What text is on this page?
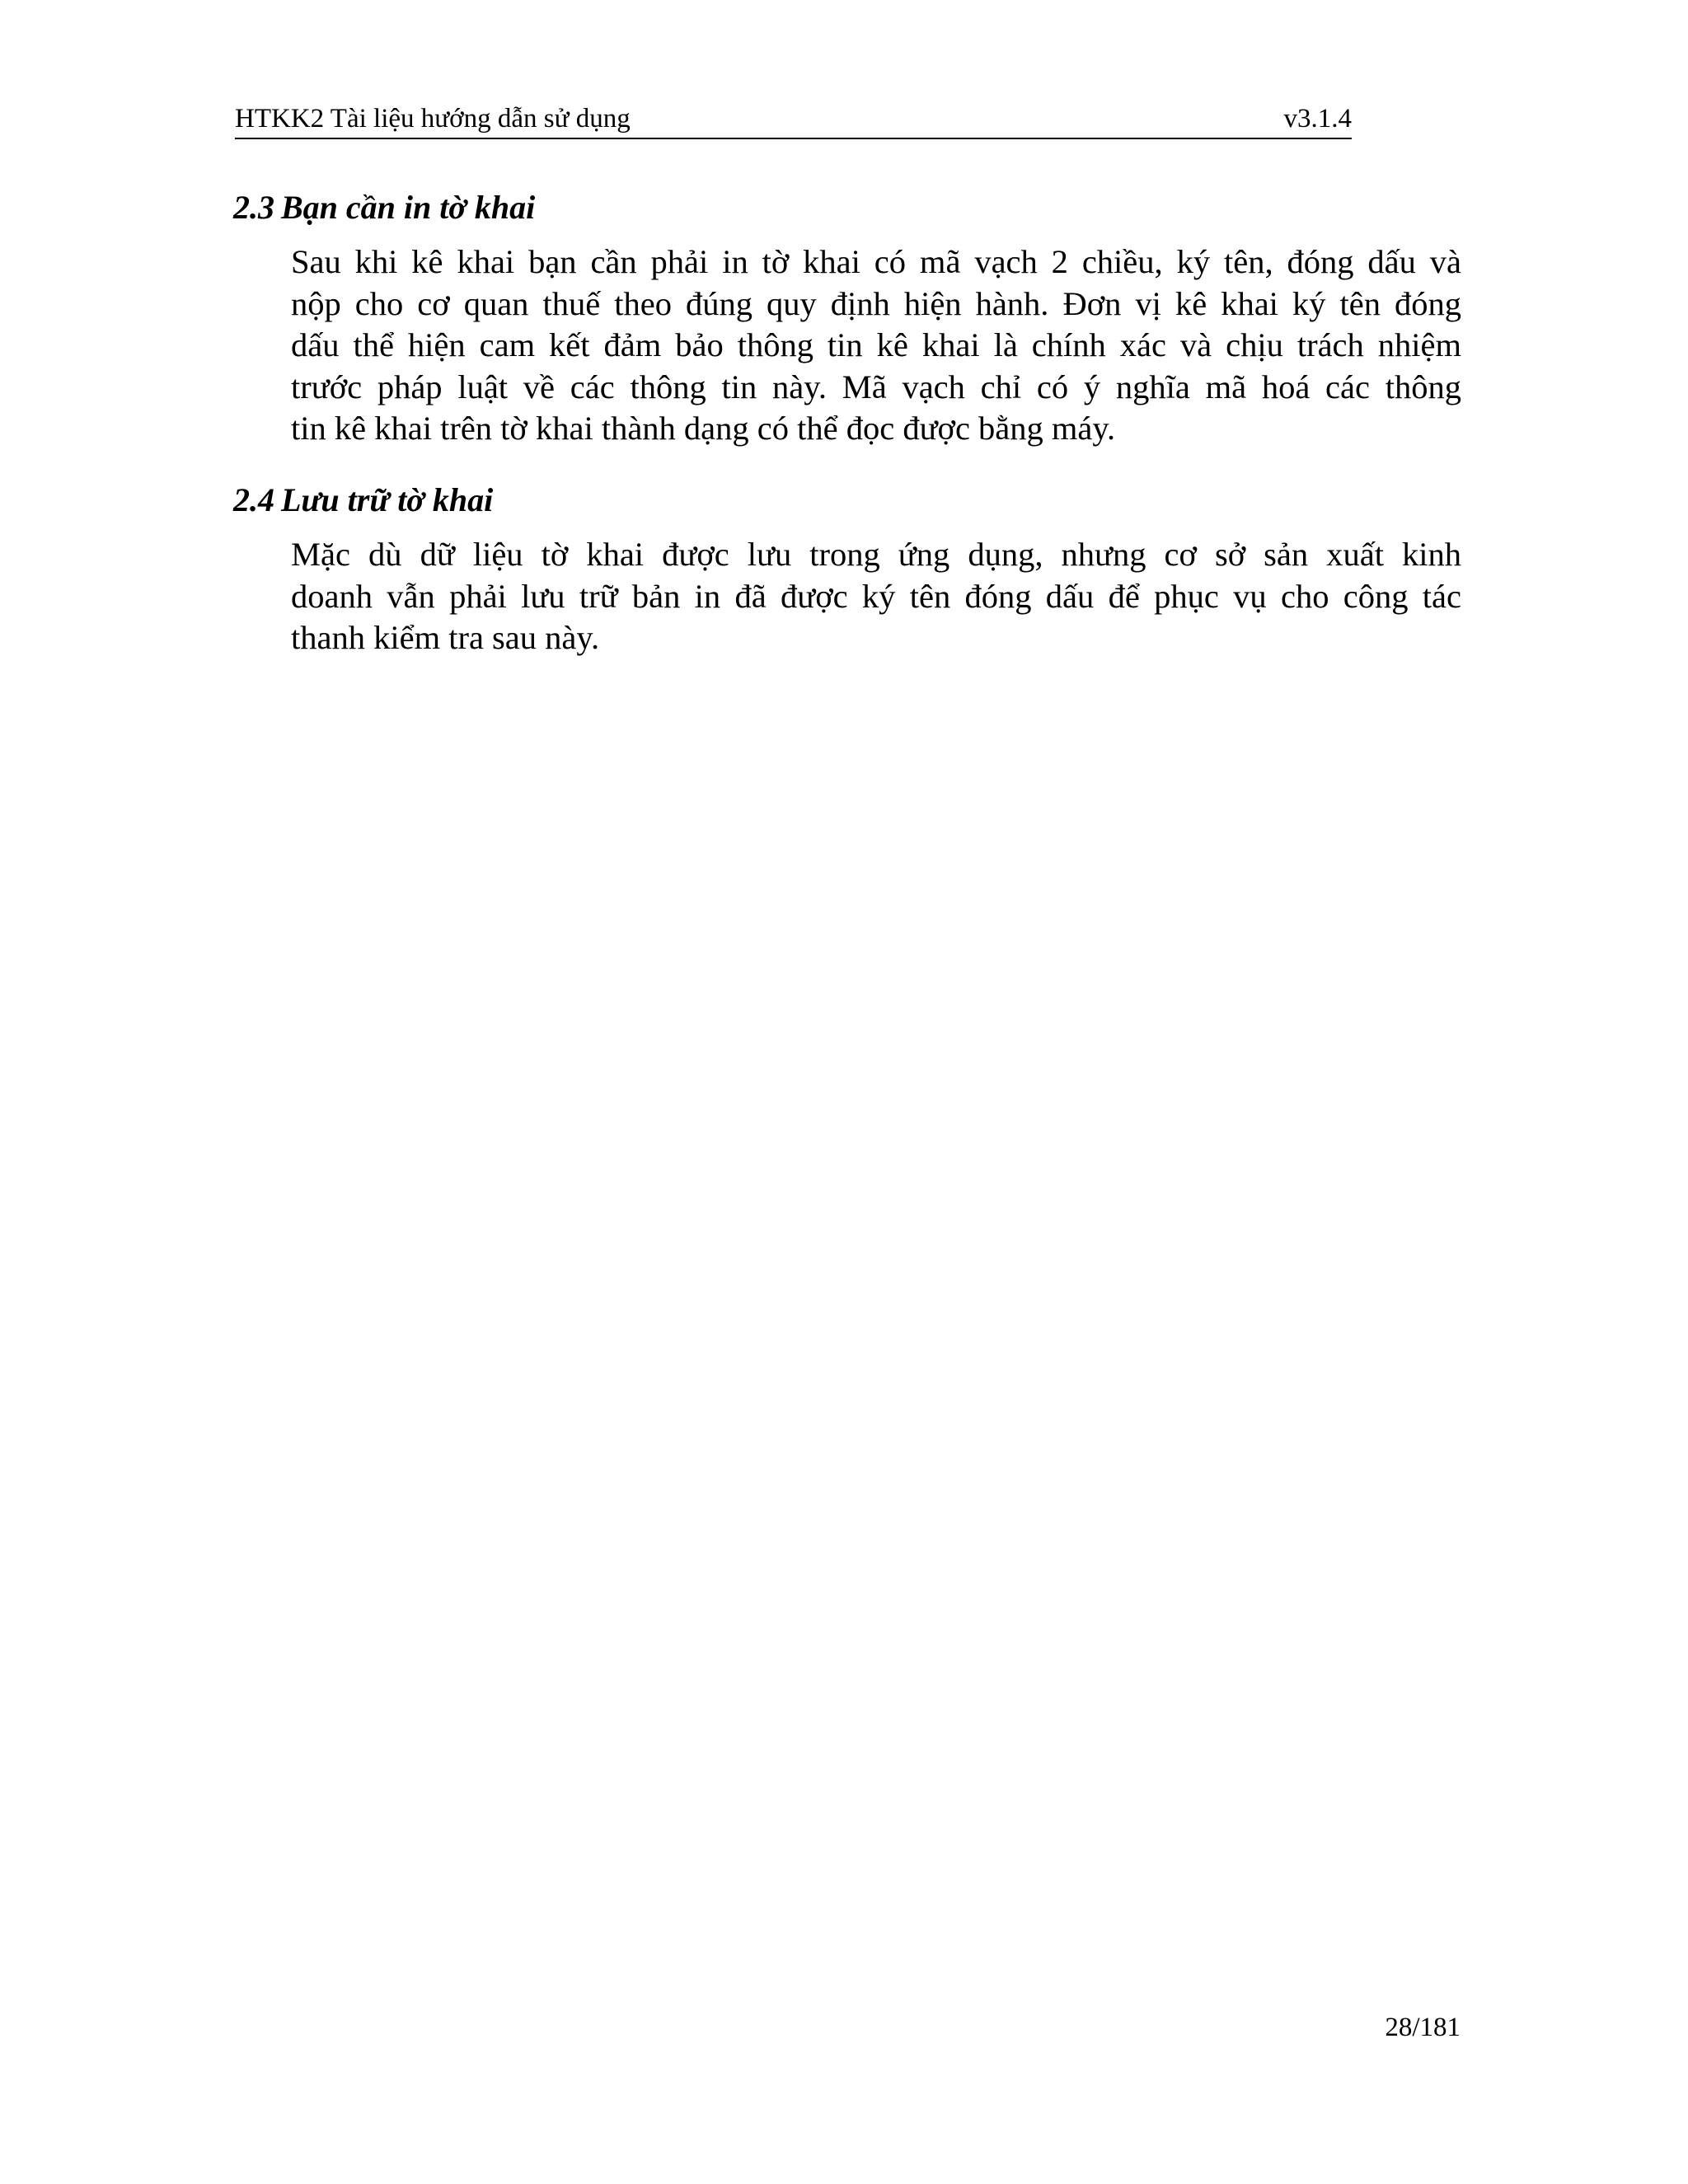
HTKK2 Tài liệu hướng dẫn sử dụng	v3.1.4
2.3 Bạn cần in tờ khai
Sau khi kê khai bạn cần phải in tờ khai có mã vạch 2 chiều, ký tên, đóng dấu và
nộp cho cơ quan thuế theo đúng quy định hiện hành. Đơn vị kê khai ký tên đóng
dấu thể hiện cam kết đảm bảo thông tin kê khai là chính xác và chịu trách nhiệm
trước pháp luật về các thông tin này. Mã vạch chỉ có ý nghĩa mã hoá các thông
tin kê khai trên tờ khai thành dạng có thể đọc được bằng máy.
2.4 Lưu trữ tờ khai
Mặc dù dữ liệu tờ khai được lưu trong ứng dụng, nhưng cơ sở sản xuất kinh
doanh vẫn phải lưu trữ bản in đã được ký tên đóng dấu để phục vụ cho công tác
thanh kiểm tra sau này.
28/181
